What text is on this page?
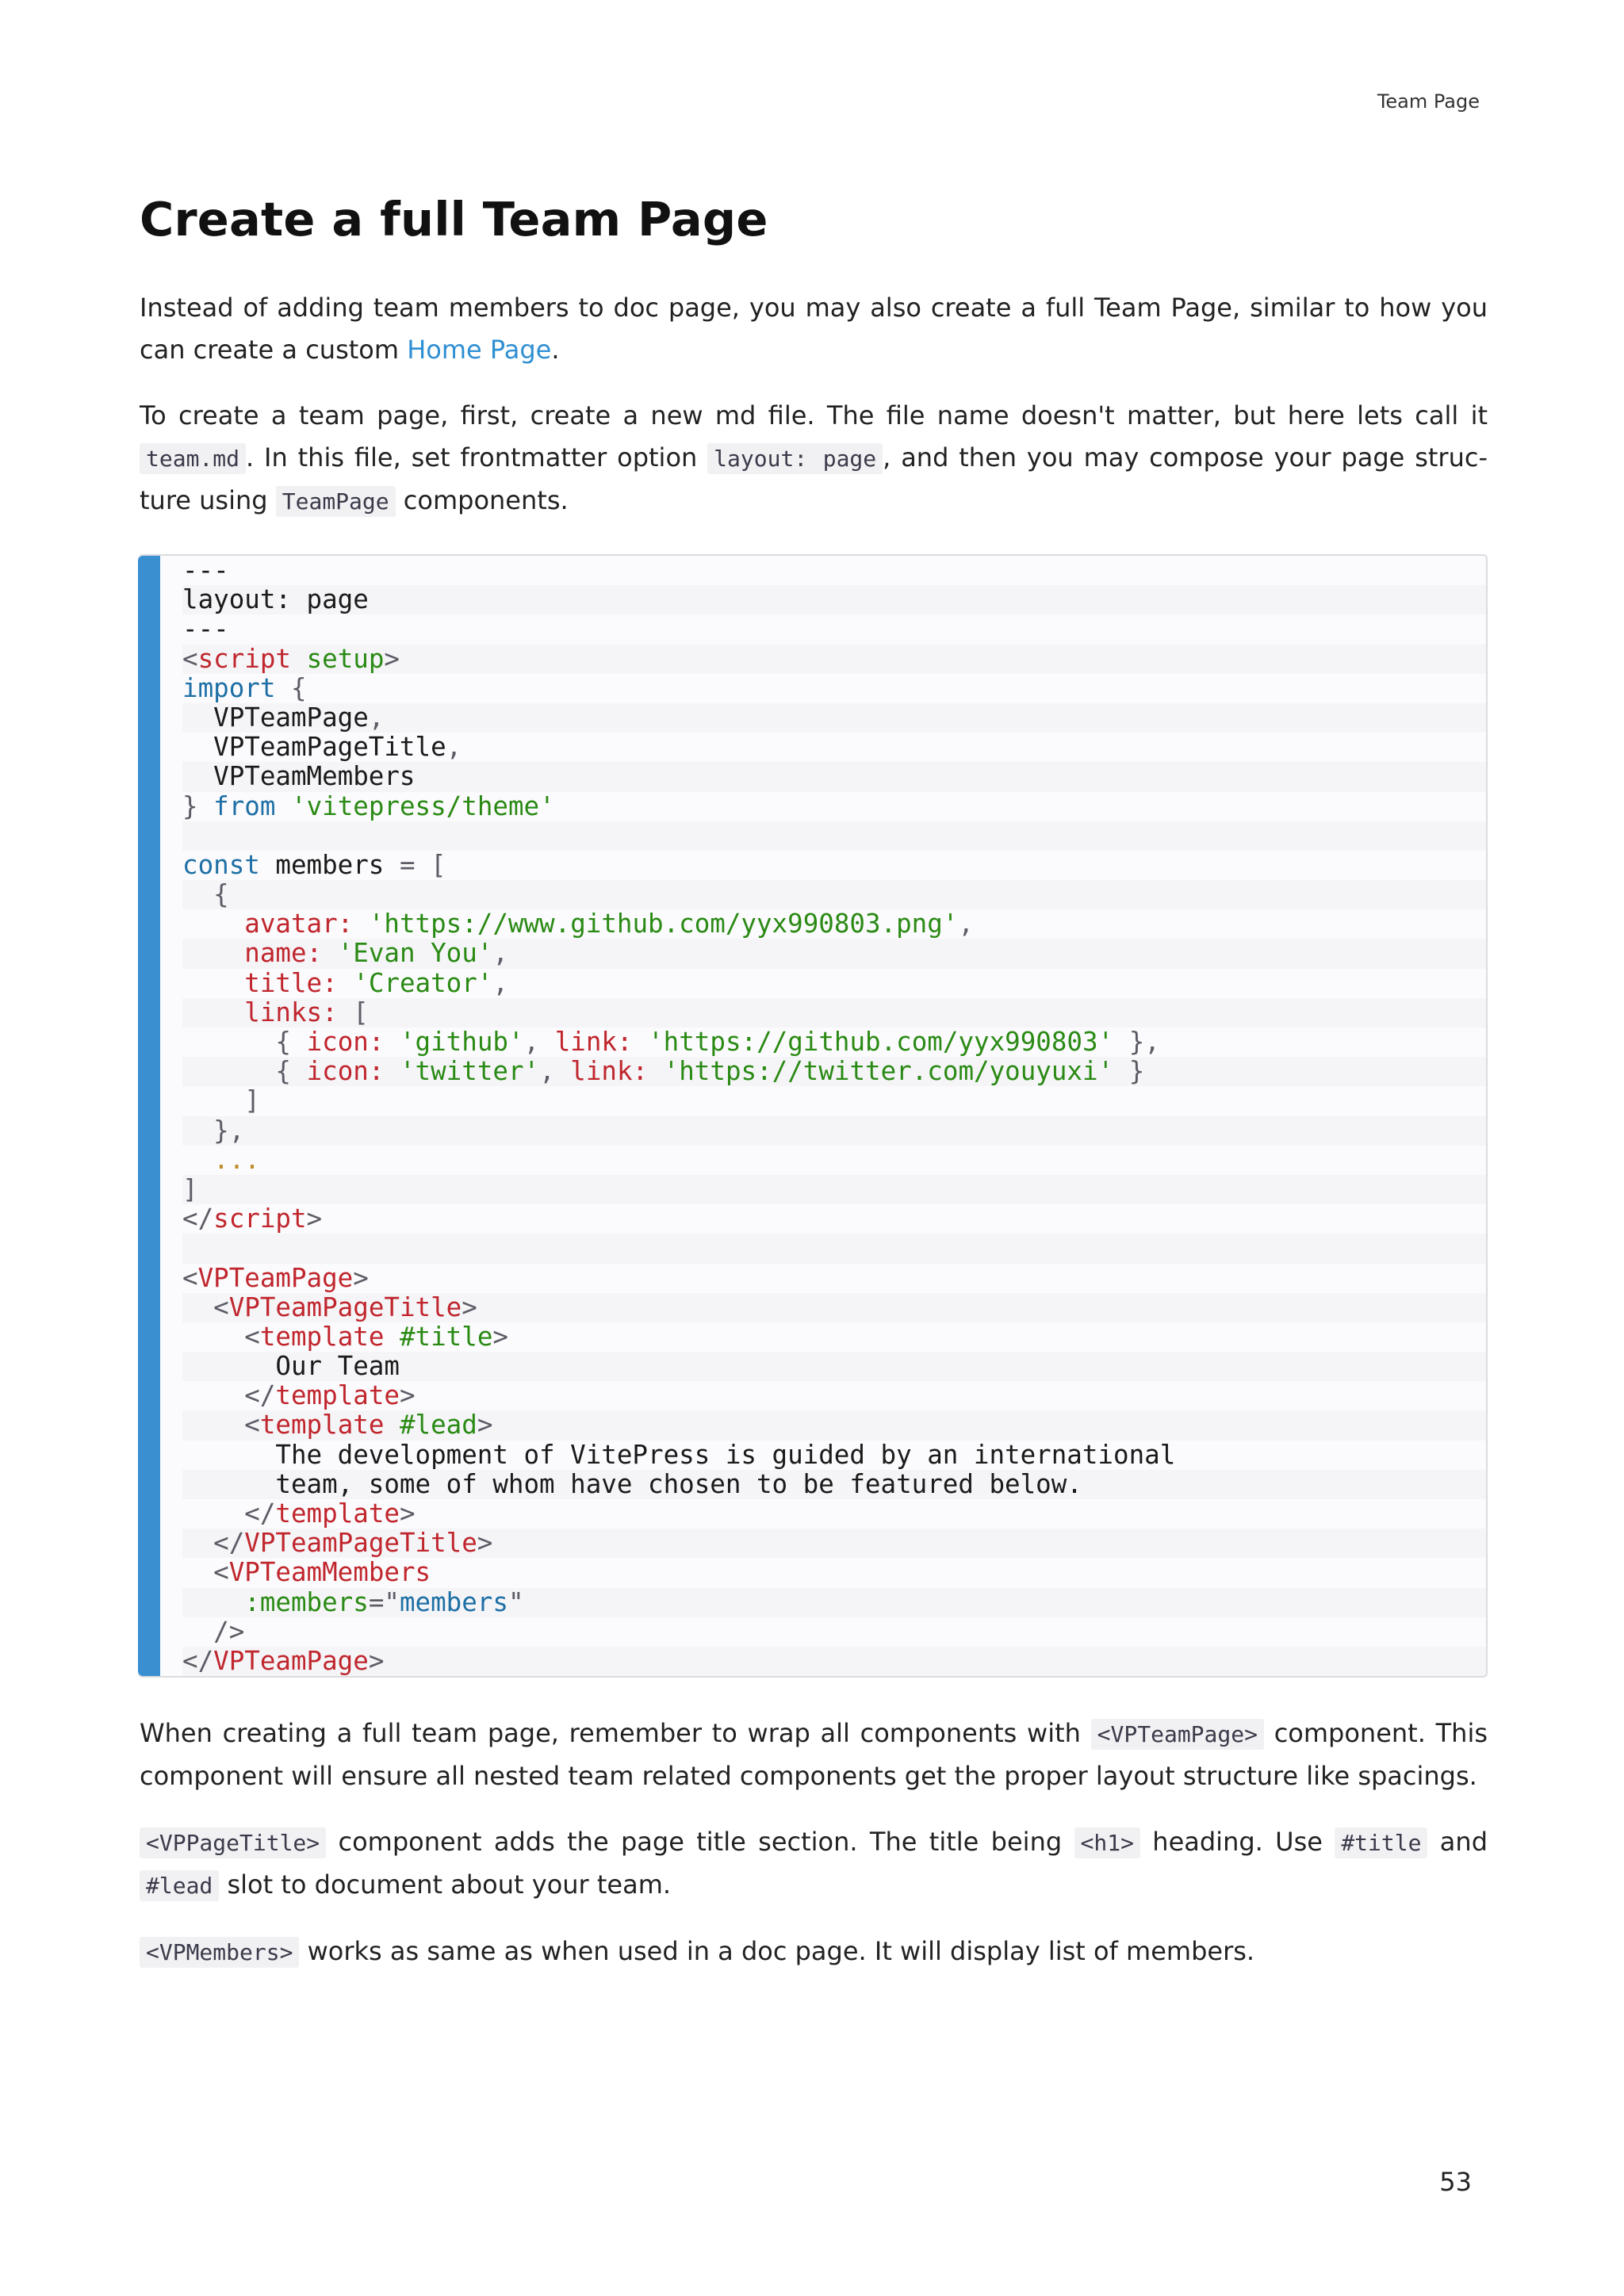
Team Page
Create a full Team Page

Instead of adding team members to doc page, you may also create a full Team Page, similar to how you can create a custom Home Page.

To create a team page, first, create a new md file. The file name doesn't matter, but here lets call it team.md . In this file, set frontmatter option layout: page , and then you may compose your page struc-ture using TeamPage components.

---
layout: page
---
<script setup>
import {
VPTeamPage,
VPTeamPageTitle,
VPTeamMembers
} from 'vitepress/theme'
const members = [
{
avatar: 'https://www.github.com/yyx990803.png',
name: 'Evan You',
title: 'Creator',
links: [
{ icon: 'github', link: 'https://github.com/yyx990803' },
{ icon: 'twitter', link: 'https://twitter.com/youyuxi' }
]
},
...
]
</script>
<VPTeamPage>
<VPTeamPageTitle>
<template #title>
Our Team
</template>
<template #lead>
The development of VitePress is guided by an international
team, some of whom have chosen to be featured below.
</template>
</VPTeamPageTitle>
<VPTeamMembers
:members="members"
/>
</VPTeamPage>

When creating a full team page, remember to wrap all components with <VPTeamPage> component. This component will ensure all nested team related components get the proper layout structure like spacings.

<VPPageTitle> component adds the page title section. The title being <h1> heading. Use #title and #lead slot to document about your team.

<VPMembers> works as same as when used in a doc page. It will display list of members.

53
